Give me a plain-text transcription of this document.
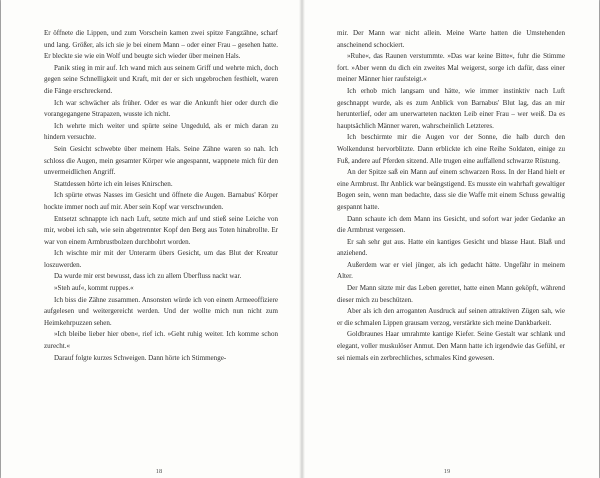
Er öffnete die Lippen, und zum Vorschein kamen zwei spitze Fangzähne, scharf und lang. Größer, als ich sie je bei einem Mann – oder einer Frau – gesehen hatte. Er bleckte sie wie ein Wolf und beugte sich wieder über meinen Hals.

Panik stieg in mir auf. Ich wand mich aus seinem Griff und wehrte mich, doch gegen seine Schnelligkeit und Kraft, mit der er sich ungebrochen festhielt, waren die Fänge erschreckend.

Ich war schwächer als früher. Oder es war die Ankunft hier oder durch die vorangegangene Strapazen, wusste ich nicht.

Ich wehrte mich weiter und spürte seine Ungeduld, als er mich daran zu hindern versuchte.

Sein Gesicht schwebte über meinem Hals. Seine Zähne waren so nah. Ich schloss die Augen, mein gesamter Körper wie angespannt, wappnete mich für den unvermeidlichen Angriff.

Stattdessen hörte ich ein leises Knirschen.

Ich spürte etwas Nasses im Gesicht und öffnete die Augen. Barnabus' Körper hockte immer noch auf mir. Aber sein Kopf war verschwunden.

Entsetzt schnappte ich nach Luft, setzte mich auf und stieß seine Leiche von mir, wobei ich sah, wie sein abgetrennter Kopf den Berg aus Toten hinabrollte. Er war von einem Armbrustbolzen durchbohrt worden.

Ich wischte mir mit der Unterarm übers Gesicht, um das Blut der Kreatur loszuwerden.

Da wurde mir erst bewusst, dass ich zu allem Überfluss nackt war.

»Steh auf«, kommt ruppes.«

Ich biss die Zähne zusammen. Ansonsten würde ich von einem Armeeoffiziere aufgelesen und weitergereicht werden. Und der wollte mich nun nicht zum Heimkehrpuzzen sehen.

»Ich bleibe lieber hier oben«, rief ich. »Geht ruhig weiter. Ich komme schon zurecht.«

Darauf folgte kurzes Schweigen. Dann hörte ich Stimmenge-

18

mir. Der Mann war nicht allein. Meine Warte hatten die Umstehenden anscheinend schockiert.

»Ruhe«, das Raunen verstummte. »Das war keine Bitte«, fuhr die Stimme fort. »Aber wenn du dich ein zweites Mal weigerst, sorge ich dafür, dass einer meiner Männer hier raufsteigt.«

Ich erhob mich langsam und hätte, wie immer instinktiv nach Luft geschnappt wurde, als es zum Anblick von Barnabus' Blut lag, das an mir herunterlief, oder am unerwarteten nackten Leib einer Frau – wer weiß. Da es hauptsächlich Männer waren, wahrscheinlich Letzteres.

Ich beschirmte mir die Augen vor der Sonne, die halb durch den Wolkendunst hervorblitzte. Dann erblickte ich eine Reihe Soldaten, einige zu Fuß, andere auf Pferden sitzend. Alle trugen eine auffallend schwarze Rüstung.

An der Spitze saß ein Mann auf einem schwarzen Ross. In der Hand hielt er eine Armbrust. Ihr Anblick war beängstigend. Es musste ein wahrhaft gewaltiger Bogen sein, wenn man bedachte, dass sie die Waffe mit einem Schuss gewaltig gespannt hatte.

Dann schaute ich dem Mann ins Gesicht, und sofort war jeder Gedanke an die Armbrust vergessen.

Er sah sehr gut aus. Hatte ein kantiges Gesicht und blasse Haut. Blaß und anziehend.

Außerdem war er viel jünger, als ich gedacht hätte. Ungefähr in meinem Alter.

Der Mann sitzte mir das Leben gerettet, hatte einen Mann geköpft, während dieser mich zu beschützen.

Aber als ich den arroganten Ausdruck auf seinen attraktiven Zügen sah, wie er die schmalen Lippen grausam verzog, verstärkte sich meine Dankbarkeit.

Goldbraunes Haar umrahmte kantige Kiefer. Seine Gestalt war schlank und elegant, voller muskulöser Anmut. Den Mann hatte ich irgendwie das Gefühl, er sei niemals ein zerbrechliches, schmales Kind gewesen.

19
